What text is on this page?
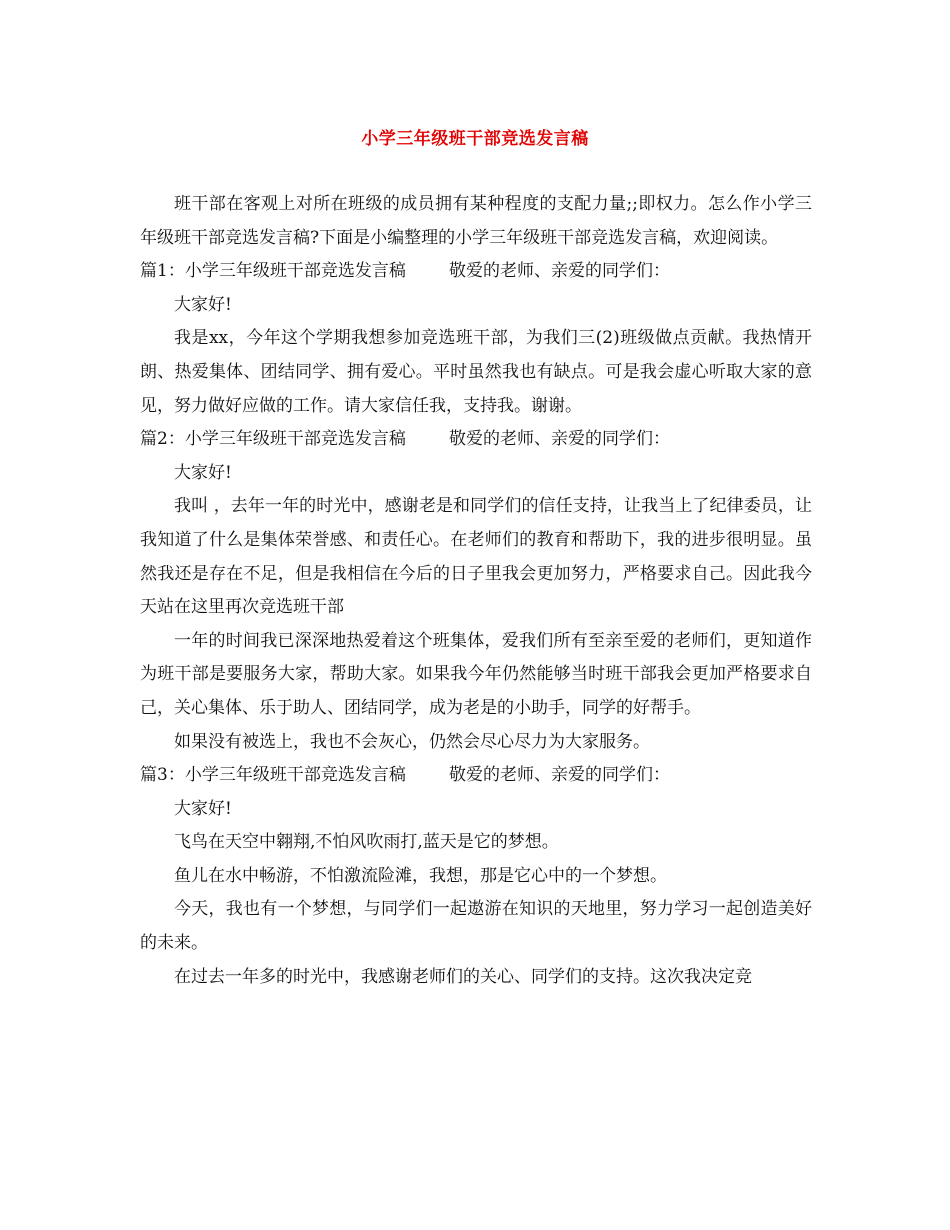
小学三年级班干部竞选发言稿

班干部在客观上对所在班级的成员拥有某种程度的支配力量;;即权力。怎么作小学三年级班干部竞选发言稿?下面是小编整理的小学三年级班干部竞选发言稿，欢迎阅读。

篇1：小学三年级班干部竞选发言稿        敬爱的老师、亲爱的同学们：

大家好!

我是xx，今年这个学期我想参加竞选班干部，为我们三(2)班级做点贡献。我热情开朗、热爱集体、团结同学、拥有爱心。平时虽然我也有缺点。可是我会虚心听取大家的意见，努力做好应做的工作。请大家信任我，支持我。谢谢。

篇2：小学三年级班干部竞选发言稿        敬爱的老师、亲爱的同学们：

大家好!

我叫 ，去年一年的时光中，感谢老是和同学们的信任支持，让我当上了纪律委员，让我知道了什么是集体荣誉感、和责任心。在老师们的教育和帮助下，我的进步很明显。虽然我还是存在不足，但是我相信在今后的日子里我会更加努力，严格要求自己。因此我今天站在这里再次竞选班干部

一年的时间我已深深地热爱着这个班集体，爱我们所有至亲至爱的老师们，更知道作为班干部是要服务大家，帮助大家。如果我今年仍然能够当时班干部我会更加严格要求自己，关心集体、乐于助人、团结同学，成为老是的小助手，同学的好帮手。

如果没有被选上，我也不会灰心，仍然会尽心尽力为大家服务。

篇3：小学三年级班干部竞选发言稿        敬爱的老师、亲爱的同学们：

大家好!

飞鸟在天空中翱翔,不怕风吹雨打,蓝天是它的梦想。

鱼儿在水中畅游，不怕激流险滩，我想，那是它心中的一个梦想。

今天，我也有一个梦想，与同学们一起遨游在知识的天地里，努力学习一起创造美好的未来。

在过去一年多的时光中，我感谢老师们的关心、同学们的支持。这次我决定竞
